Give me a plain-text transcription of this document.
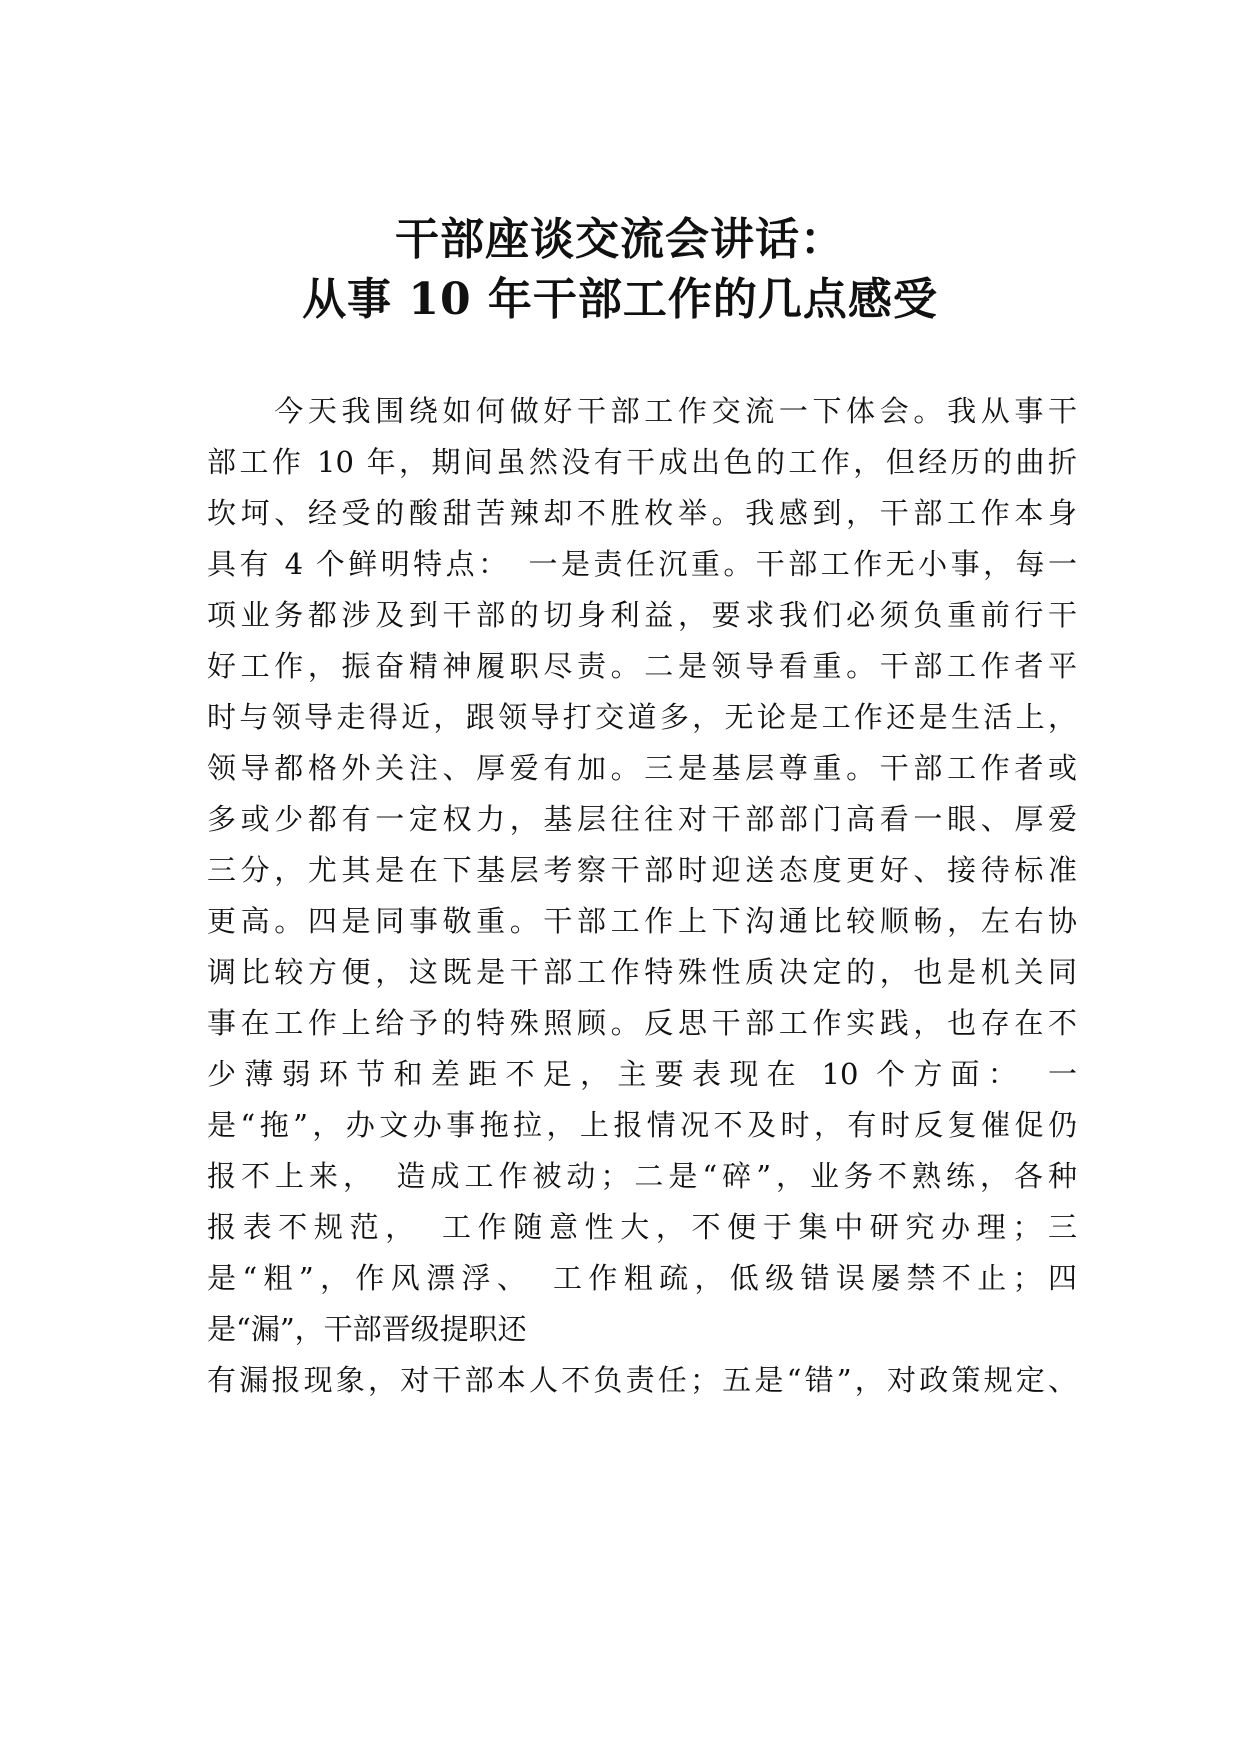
干部座谈交流会讲话：
从事 10 年干部工作的几点感受
　　今天我围绕如何做好干部工作交流一下体会。我从事干
部工作 10 年，期间虽然没有干成出色的工作，但经历的曲折
坎坷、经受的酸甜苦辣却不胜枚举。我感到，干部工作本身
具有 4 个鲜明特点：　一是责任沉重。干部工作无小事，每一
项业务都涉及到干部的切身利益，要求我们必须负重前行干
好工作，振奋精神履职尽责。二是领导看重。干部工作者平
时与领导走得近，跟领导打交道多，无论是工作还是生活上，
领导都格外关注、厚爱有加。三是基层尊重。干部工作者或
多或少都有一定权力，基层往往对干部部门高看一眼、厚爱
三分，尤其是在下基层考察干部时迎送态度更好、接待标准
更高。四是同事敬重。干部工作上下沟通比较顺畅，左右协
调比较方便，这既是干部工作特殊性质决定的，也是机关同
事在工作上给予的特殊照顾。反思干部工作实践，也存在不
少薄弱环节和差距不足，主要表现在 10 个方面：　一
是“拖”，办文办事拖拉，上报情况不及时，有时反复催促仍
报不上来，　造成工作被动；二是“碎”，业务不熟练，各种
报表不规范，　工作随意性大，不便于集中研究办理；三
是“粗”，作风漂浮、　工作粗疏，低级错误屡禁不止；四
是“漏”，干部晋级提职还
有漏报现象，对干部本人不负责任；五是“错”，对政策规定、
